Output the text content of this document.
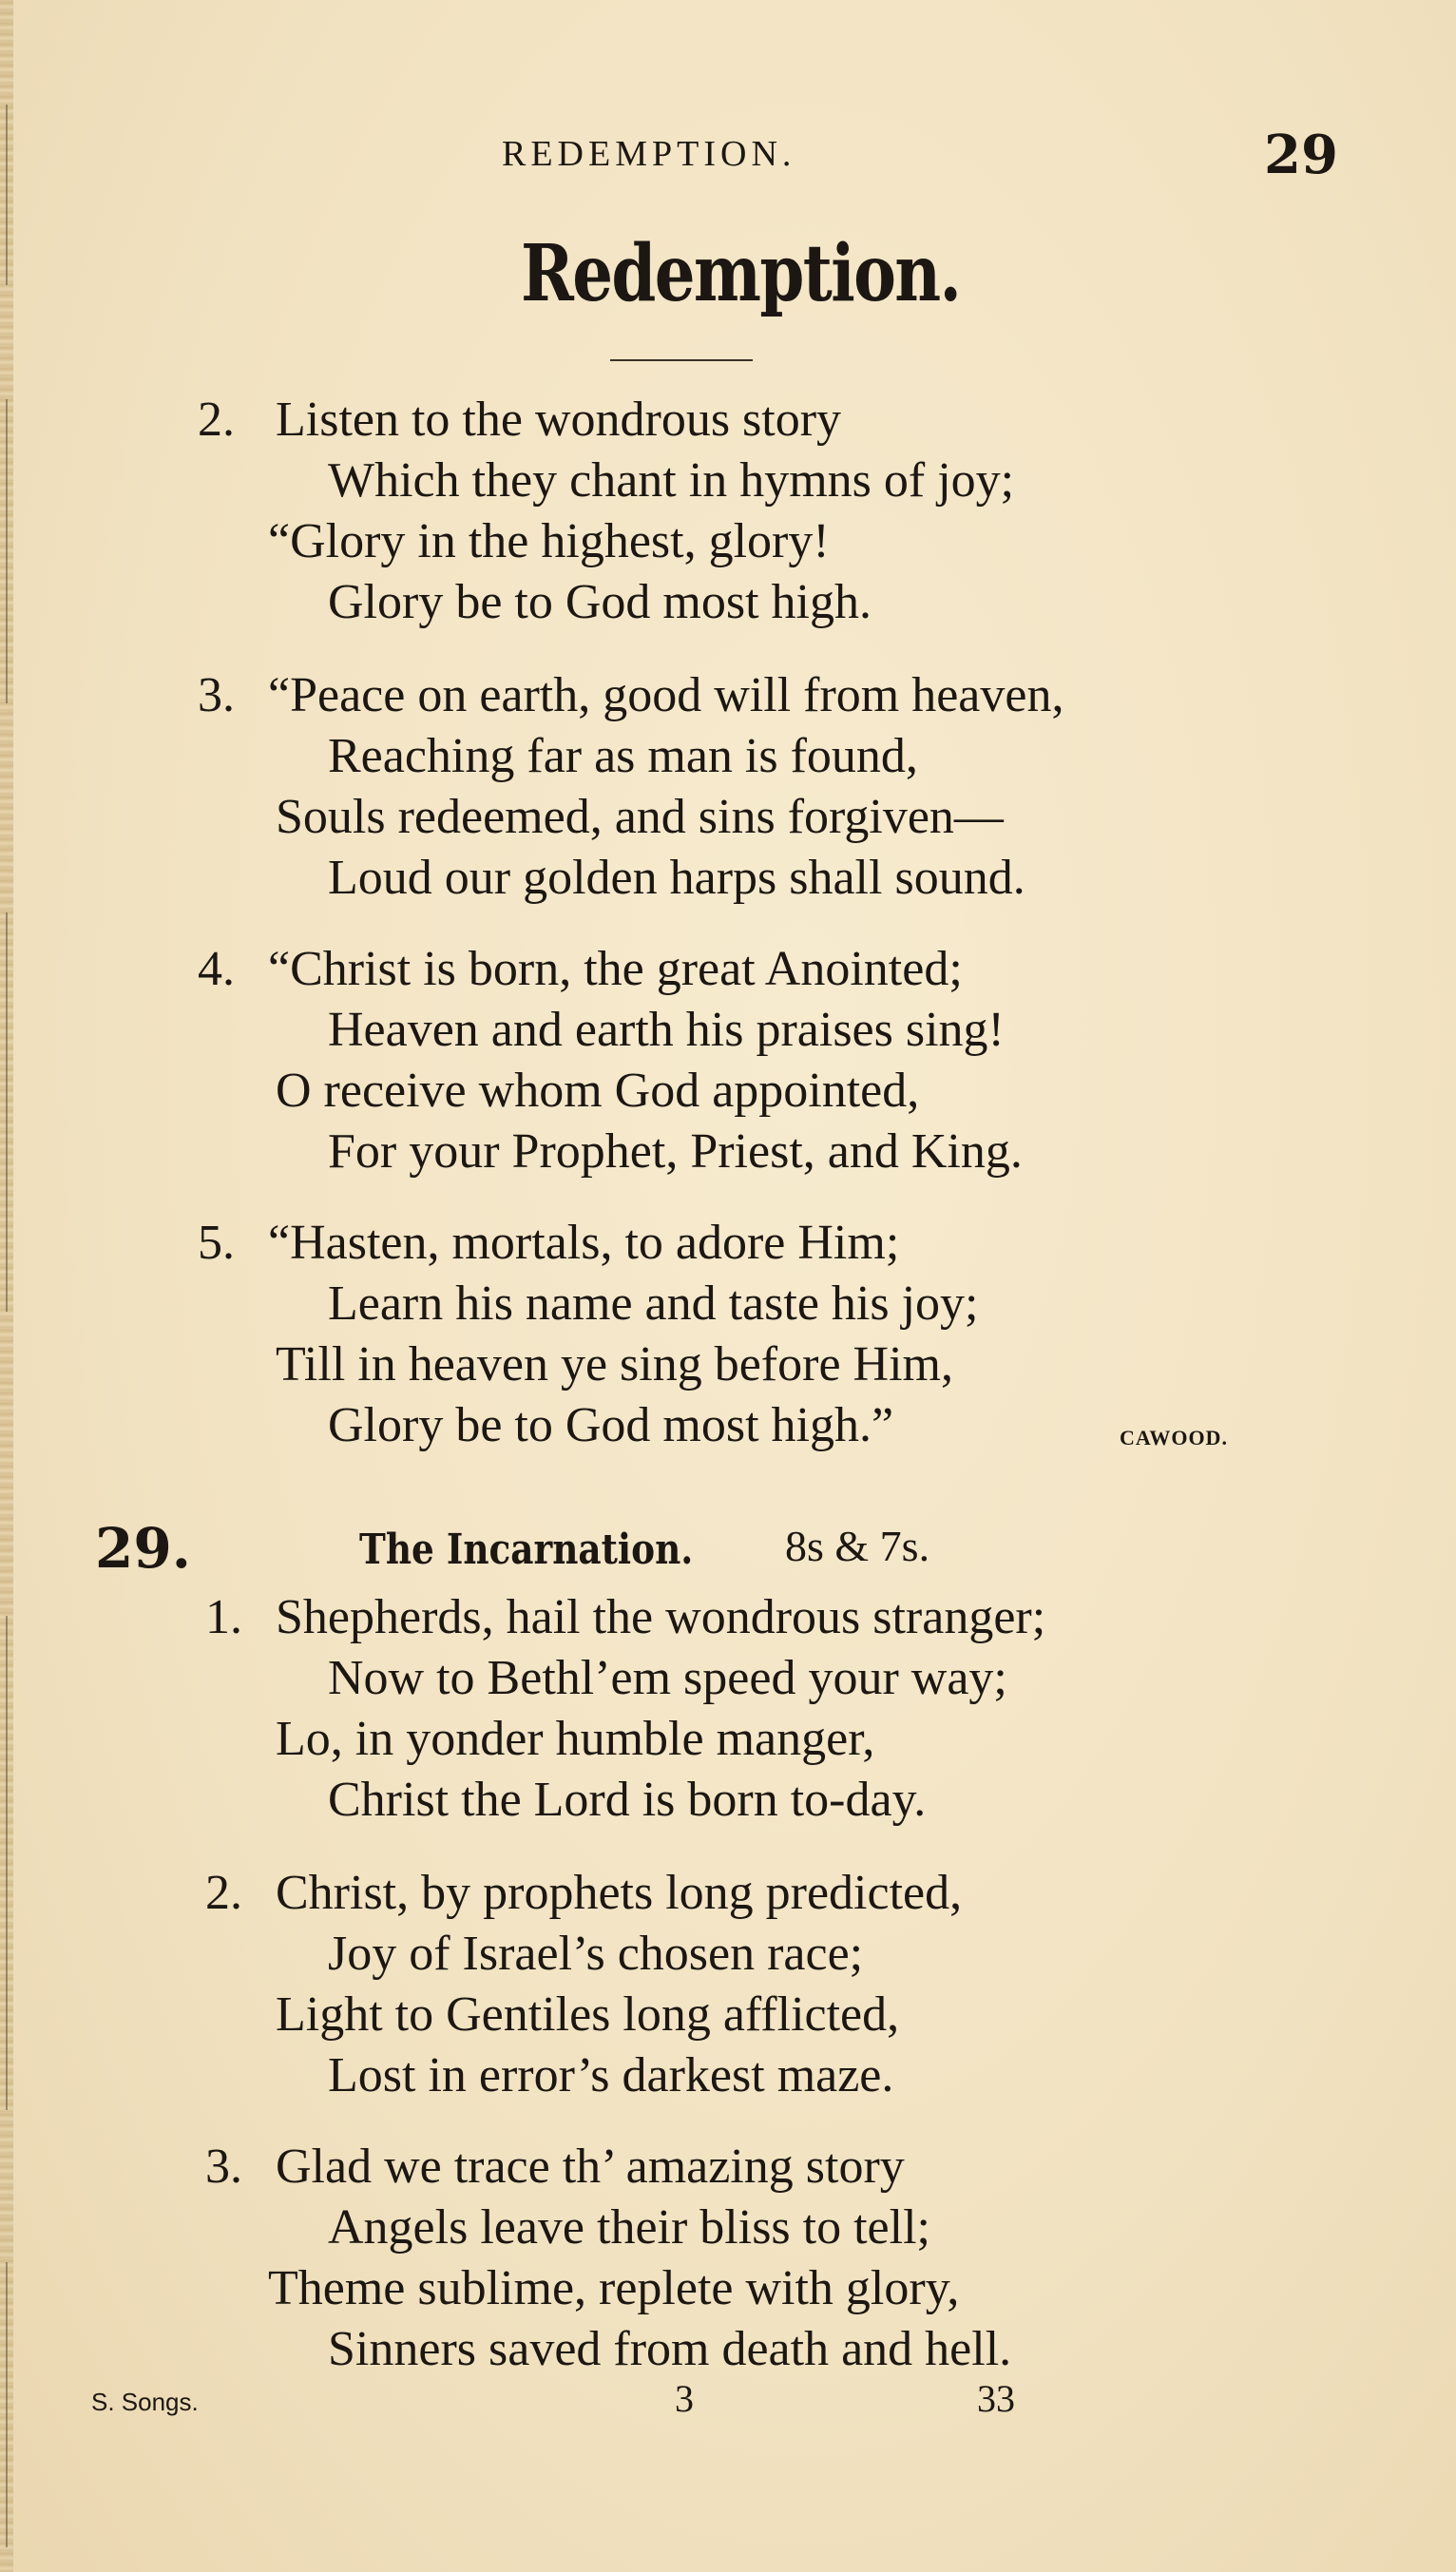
REDEMPTION.	29
Redemption.
2. Listen to the wondrous story
Which they chant in hymns of joy;
“Glory in the highest, glory!
Glory be to God most high.
3. “Peace on earth, good will from heaven,
Reaching far as man is found,
Souls redeemed, and sins forgiven—
Loud our golden harps shall sound.
4. “Christ is born, the great Anointed;
Heaven and earth his praises sing!
O receive whom God appointed,
For your Prophet, Priest, and King.
5. “Hasten, mortals, to adore Him;
Learn his name and taste his joy;
Till in heaven ye sing before Him,
Glory be to God most high.”	CAWOOD.
29.	The Incarnation. 8s & 7s.
1. Shepherds, hail the wondrous stranger;
Now to Bethl’em speed your way;
Lo, in yonder humble manger,
Christ the Lord is born to-day.
2. Christ, by prophets long predicted,
Joy of Israel’s chosen race;
Light to Gentiles long afflicted,
Lost in error’s darkest maze.
3. Glad we trace th’ amazing story
Angels leave their bliss to tell;
Theme sublime, replete with glory,
Sinners saved from death and hell.
S. Songs.	3	33
